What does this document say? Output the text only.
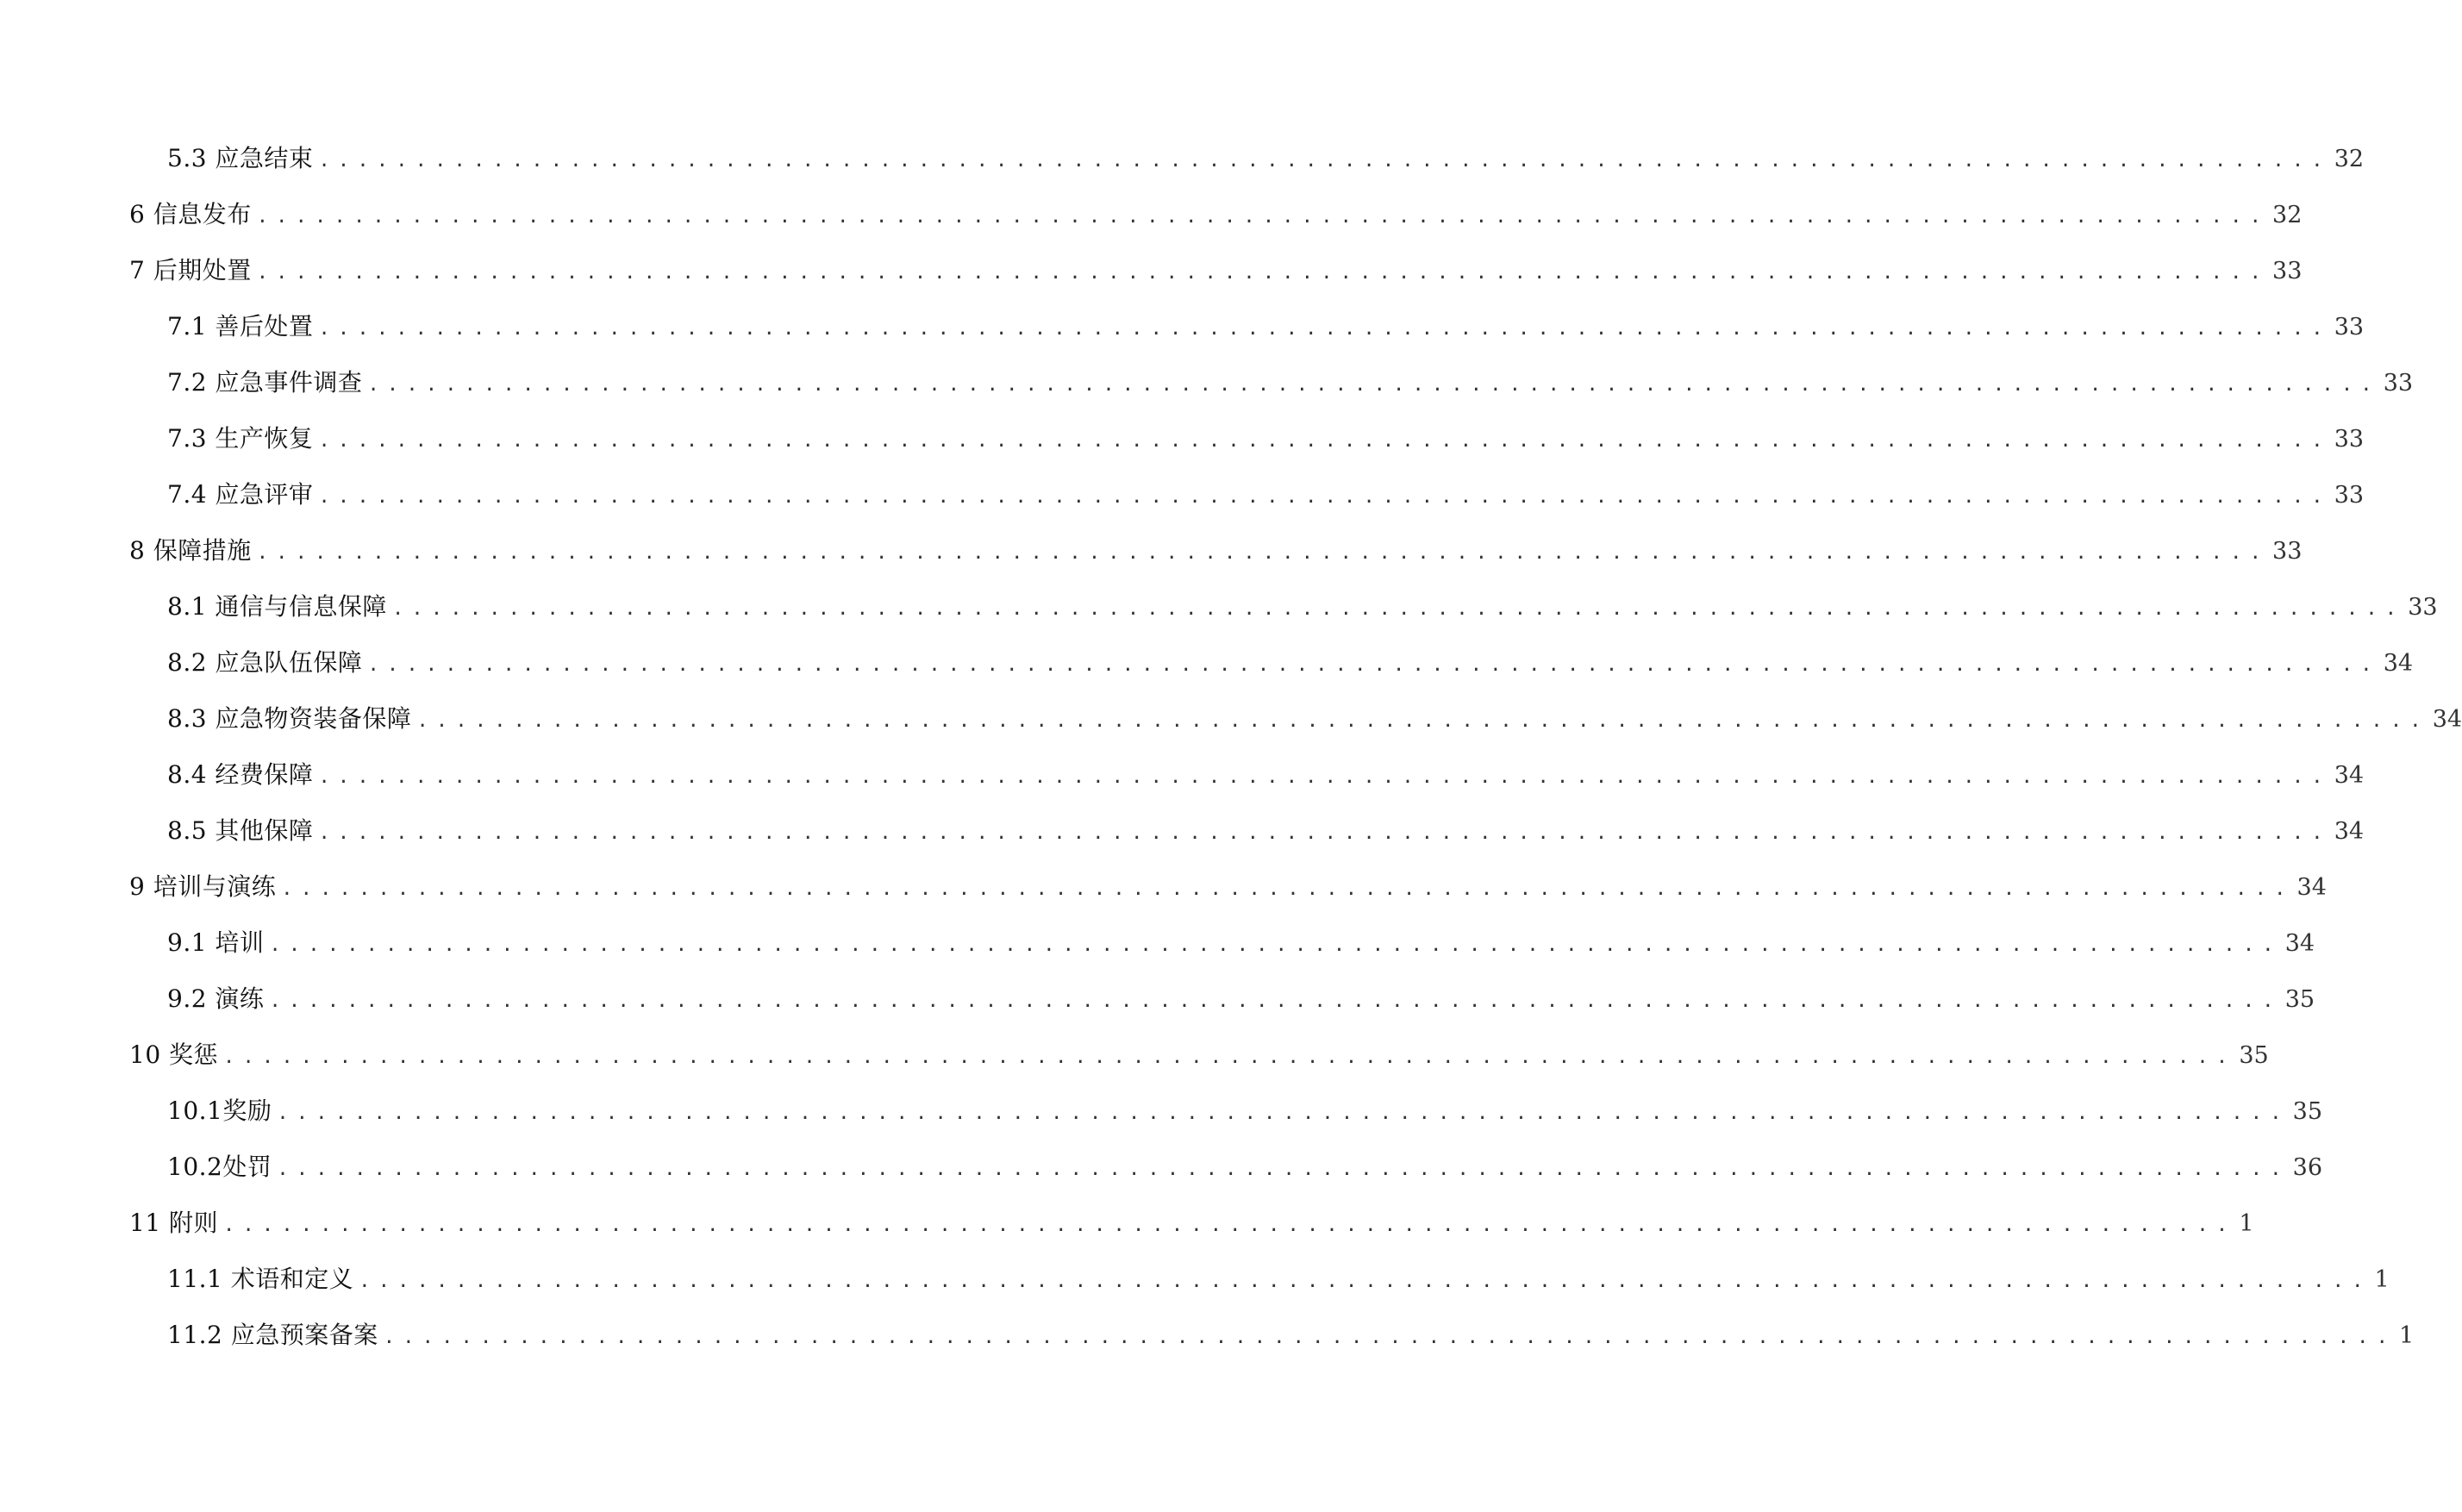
5.3 应急结束 ........................................................................................................ 32
6 信息发布 ........................................................................................................ 32
7 后期处置 ........................................................................................................ 33
7.1 善后处置 ........................................................................................................ 33
7.2 应急事件调查 ........................................................................................................ 33
7.3 生产恢复 ........................................................................................................ 33
7.4 应急评审 ........................................................................................................ 33
8 保障措施 ........................................................................................................ 33
8.1 通信与信息保障 ........................................................................................................ 33
8.2 应急队伍保障 ........................................................................................................ 34
8.3 应急物资装备保障 ........................................................................................................ 34
8.4 经费保障 ........................................................................................................ 34
8.5 其他保障 ........................................................................................................ 34
9 培训与演练 ........................................................................................................ 34
9.1 培训 ........................................................................................................ 34
9.2 演练 ........................................................................................................ 35
10 奖惩 ........................................................................................................ 35
10.1奖励 ........................................................................................................ 35
10.2处罚 ........................................................................................................ 36
11 附则 ........................................................................................................ 1
11.1 术语和定义 ........................................................................................................ 1
11.2 应急预案备案 ........................................................................................................ 1
